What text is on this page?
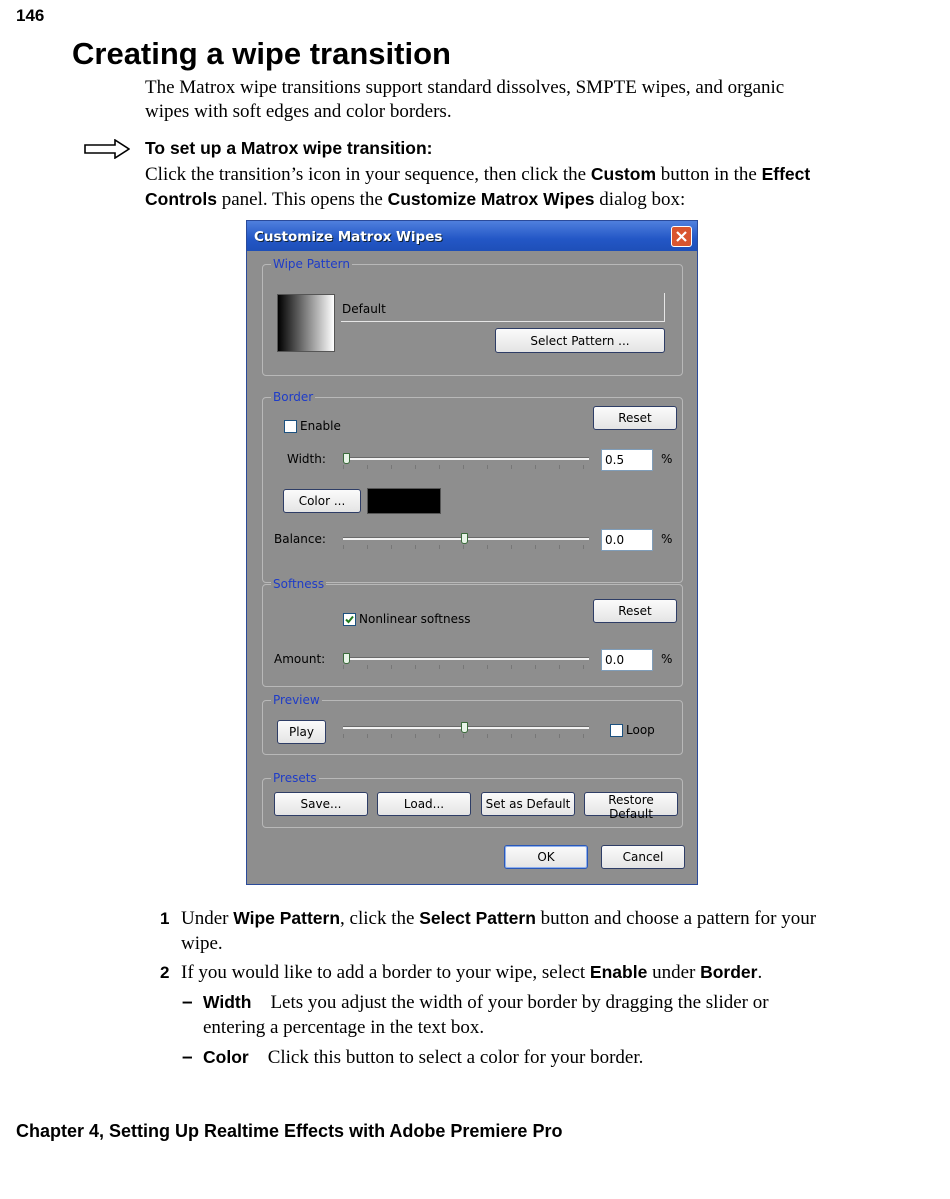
146
Creating a wipe transition

The Matrox wipe transitions support standard dissolves, SMPTE wipes, and organic wipes with soft edges and color borders.

To set up a Matrox wipe transition:

Click the transition’s icon in your sequence, then click the Custom button in the Effect Controls panel. This opens the Customize Matrox Wipes dialog box:

Customize Matrox Wipes
Wipe Pattern
Default
Select Pattern ...
Border
Enable
Reset
Width:	0.5	%
Color ...
Balance:	0.0	%
Softness
Nonlinear softness
Reset
Amount:	0.0	%
Preview
Play	Loop
Presets
Save...	Load...	Set as Default	Restore Default
OK	Cancel
1 Under Wipe Pattern, click the Select Pattern button and choose a pattern for your wipe.
2 If you would like to add a border to your wipe, select Enable under Border.
– Width Lets you adjust the width of your border by dragging the slider or entering a percentage in the text box.
– Color Click this button to select a color for your border.
Chapter 4, Setting Up Realtime Effects with Adobe Premiere Pro
